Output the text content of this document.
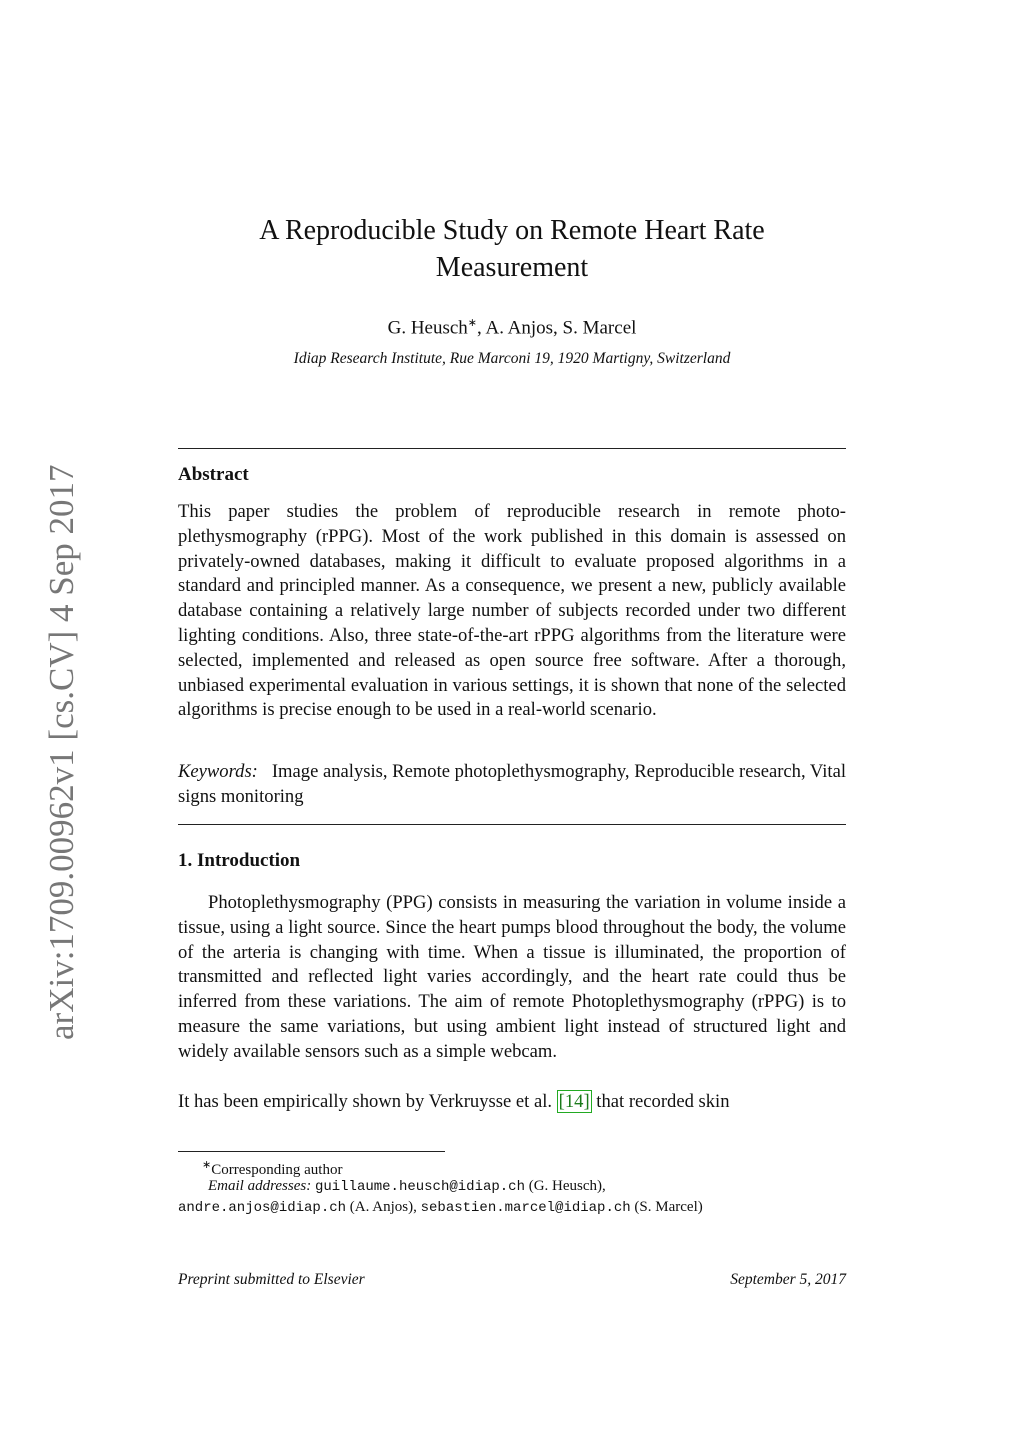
arXiv:1709.00962v1 [cs.CV] 4 Sep 2017
A Reproducible Study on Remote Heart Rate
Measurement
G. Heusch∗, A. Anjos, S. Marcel
Idiap Research Institute, Rue Marconi 19, 1920 Martigny, Switzerland
Abstract
This paper studies the problem of reproducible research in remote photo-plethysmography (rPPG). Most of the work published in this domain is assessed on privately-owned databases, making it difficult to evaluate proposed algorithms in a standard and principled manner. As a consequence, we present a new, publicly available database containing a relatively large number of subjects recorded under two different lighting conditions. Also, three state-of-the-art rPPG algorithms from the literature were selected, implemented and released as open source free software. After a thorough, unbiased experimental evaluation in various settings, it is shown that none of the selected algorithms is precise enough to be used in a real-world scenario.
Keywords: Image analysis, Remote photoplethysmography, Reproducible research, Vital signs monitoring
1. Introduction
Photoplethysmography (PPG) consists in measuring the variation in volume inside a tissue, using a light source. Since the heart pumps blood throughout the body, the volume of the arteria is changing with time. When a tissue is illuminated, the proportion of transmitted and reflected light varies accordingly, and the heart rate could thus be inferred from these variations. The aim of remote Photoplethysmography (rPPG) is to measure the same variations, but using ambient light instead of structured light and widely available sensors such as a simple webcam.
It has been empirically shown by Verkruysse et al. [14] that recorded skin
∗Corresponding author
Email addresses: guillaume.heusch@idiap.ch (G. Heusch),
andre.anjos@idiap.ch (A. Anjos), sebastien.marcel@idiap.ch (S. Marcel)
Preprint submitted to Elsevier	September 5, 2017
